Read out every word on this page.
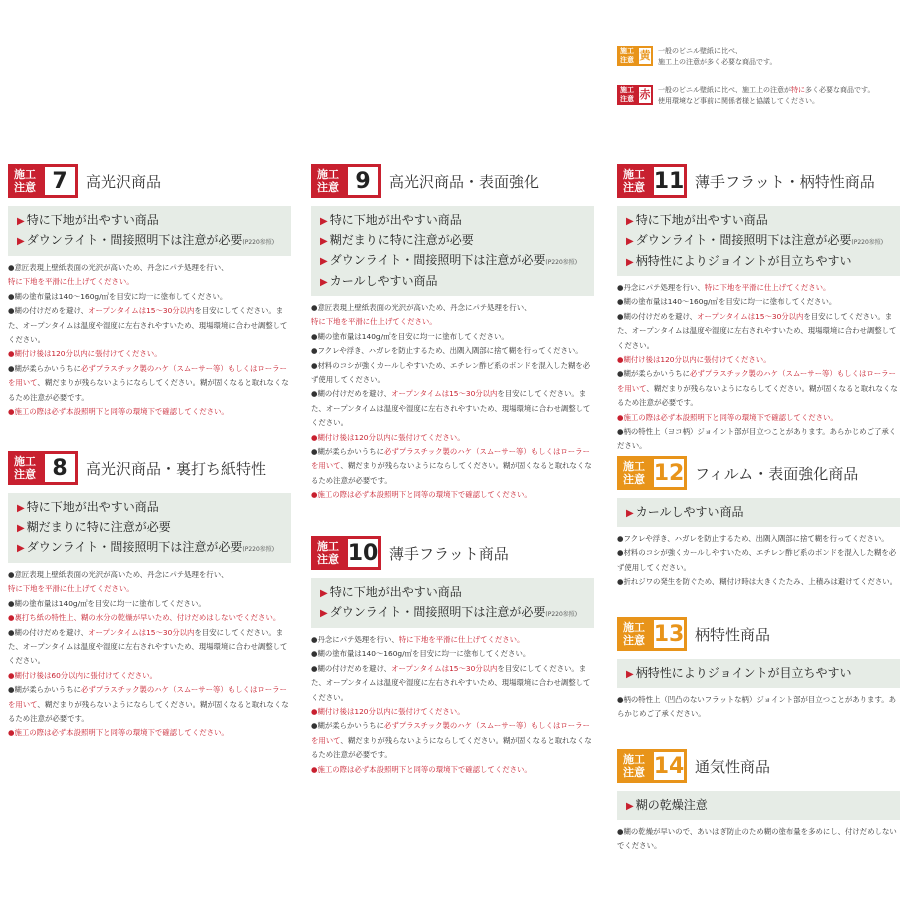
施工
注意 黄	一般のビニル壁紙に比べ、
施工上の注意が多く必要な商品です。
施工
注意 赤	一般のビニル壁紙に比べ、施工上の注意が特に多く必要な商品です。
使用環境など事前に関係者様と協議してください。
施工
注意 7	高光沢商品
▶ 特に下地が出やすい商品
▶ ダウンライト・間接照明下は注意が必要(P220参照)

●意匠表現上壁紙表面の光沢が高いため、丹念にパテ処理を行い、
特に下地を平滑に仕上げてください。

●糊の塗布量は140～160g/㎡を目安に均一に塗布してください。

●糊の付けだめを避け、オープンタイムは15～30分以内を目安にしてください。また、オープンタイムは温度や湿度に左右されやすいため、現場環境に合わせ調整してください。

●糊付け後は120分以内に張付けてください。

●糊が柔らかいうちに必ずプラスチック製のハケ（スムーサー等）もしくはローラーを用いて、糊だまりが残らないようにならしてください。糊が固くなると取れなくなるため注意が必要です。

●施工の際は必ず本設照明下と同等の環境下で確認してください。

施工
注意 8	高光沢商品・裏打ち紙特性
▶ 特に下地が出やすい商品
▶ 糊だまりに特に注意が必要
▶ ダウンライト・間接照明下は注意が必要(P220参照)

●意匠表現上壁紙表面の光沢が高いため、丹念にパテ処理を行い、
特に下地を平滑に仕上げてください。

●糊の塗布量は140g/㎡を目安に均一に塗布してください。

●裏打ち紙の特性上、糊の水分の乾燥が早いため、付けだめはしないでください。

●糊の付けだめを避け、オープンタイムは15～30分以内を目安にしてください。また、オープンタイムは温度や湿度に左右されやすいため、現場環境に合わせ調整してください。

●糊付け後は60分以内に張付けてください。

●糊が柔らかいうちに必ずプラスチック製のハケ（スムーサー等）もしくはローラーを用いて、糊だまりが残らないようにならしてください。糊が固くなると取れなくなるため注意が必要です。

●施工の際は必ず本設照明下と同等の環境下で確認してください。

施工
注意 9	高光沢商品・表面強化
▶ 特に下地が出やすい商品
▶ 糊だまりに特に注意が必要
▶ ダウンライト・間接照明下は注意が必要(P220参照)
▶ カールしやすい商品

●意匠表現上壁紙表面の光沢が高いため、丹念にパテ処理を行い、
特に下地を平滑に仕上げてください。

●糊の塗布量は140g/㎡を目安に均一に塗布してください。

●フクレや浮き、ハガレを防止するため、出隅入隅部に捨て糊を行ってください。

●材料のコシが強くカールしやすいため、エチレン酢ビ系のボンドを混入した糊を必ず使用してください。

●糊の付けだめを避け、オープンタイムは15～30分以内を目安にしてください。また、オープンタイムは温度や湿度に左右されやすいため、現場環境に合わせ調整してください。

●糊付け後は120分以内に張付けてください。

●糊が柔らかいうちに必ずプラスチック製のハケ（スムーサー等）もしくはローラーを用いて、糊だまりが残らないようにならしてください。糊が固くなると取れなくなるため注意が必要です。

●施工の際は必ず本設照明下と同等の環境下で確認してください。

施工
注意 10 薄手フラット商品
▶ 特に下地が出やすい商品
▶ ダウンライト・間接照明下は注意が必要(P220参照)

●丹念にパテ処理を行い、特に下地を平滑に仕上げてください。

●糊の塗布量は140～160g/㎡を目安に均一に塗布してください。

●糊の付けだめを避け、オープンタイムは15～30分以内を目安にしてください。また、オープンタイムは温度や湿度に左右されやすいため、現場環境に合わせ調整してください。

●糊付け後は120分以内に張付けてください。

●糊が柔らかいうちに必ずプラスチック製のハケ（スムーサー等）もしくはローラーを用いて、糊だまりが残らないようにならしてください。糊が固くなると取れなくなるため注意が必要です。

●施工の際は必ず本設照明下と同等の環境下で確認してください。

施工
注意 11 薄手フラット・柄特性商品
▶ 特に下地が出やすい商品
▶ ダウンライト・間接照明下は注意が必要(P220参照)
▶ 柄特性によりジョイントが目立ちやすい

●丹念にパテ処理を行い、特に下地を平滑に仕上げてください。

●糊の塗布量は140～160g/㎡を目安に均一に塗布してください。

●糊の付けだめを避け、オープンタイムは15～30分以内を目安にしてください。また、オープンタイムは温度や湿度に左右されやすいため、現場環境に合わせ調整してください。

●糊付け後は120分以内に張付けてください。

●糊が柔らかいうちに必ずプラスチック製のハケ（スムーサー等）もしくはローラーを用いて、糊だまりが残らないようにならしてください。糊が固くなると取れなくなるため注意が必要です。

●施工の際は必ず本設照明下と同等の環境下で確認してください。

●柄の特性上（ヨコ柄）ジョイント部が目立つことがあります。あらかじめご了承ください。

施工
注意 12 フィルム・表面強化商品
▶ カールしやすい商品

●フクレや浮き、ハガレを防止するため、出隅入隅部に捨て糊を行ってください。

●材料のコシが強くカールしやすいため、エチレン酢ビ系のボンドを混入した糊を必ず使用してください。

●折れジワの発生を防ぐため、糊付け時は大きくたたみ、上積みは避けてください。

施工
注意 13 柄特性商品
▶ 柄特性によりジョイントが目立ちやすい

●柄の特性上（凹凸のないフラットな柄）ジョイント部が目立つことがあります。あらかじめご了承ください。

施工
注意 14 通気性商品
▶ 糊の乾燥注意

●糊の乾燥が早いので、あいはぎ防止のため糊の塗布量を多めにし、付けだめしないでください。
